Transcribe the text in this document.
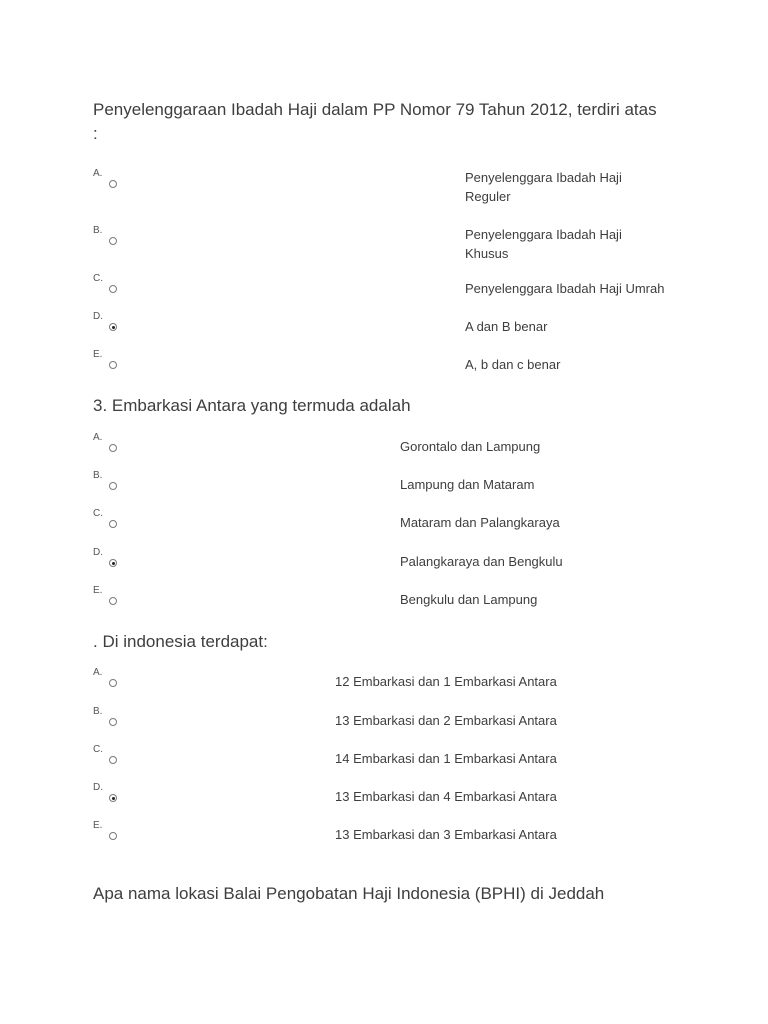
Penyelenggaraan Ibadah Haji dalam PP Nomor 79 Tahun 2012, terdiri atas
:
A.	Penyelenggara Ibadah Haji
Reguler
B.	Penyelenggara Ibadah Haji
Khusus
C.
Penyelenggara Ibadah Haji Umrah
D.
A dan B benar
E.
A, b dan c benar
3. Embarkasi Antara yang termuda adalah
A.
Gorontalo dan Lampung
B.
Lampung dan Mataram
C.
Mataram dan Palangkaraya
D.
Palangkaraya dan Bengkulu
E.
Bengkulu dan Lampung
. Di indonesia terdapat:
A.
12 Embarkasi dan 1 Embarkasi Antara
B.
13 Embarkasi dan 2 Embarkasi Antara
C.
14 Embarkasi dan 1 Embarkasi Antara
D.
13 Embarkasi dan 4 Embarkasi Antara
E.
13 Embarkasi dan 3 Embarkasi Antara
Apa nama lokasi Balai Pengobatan Haji Indonesia (BPHI) di Jeddah
